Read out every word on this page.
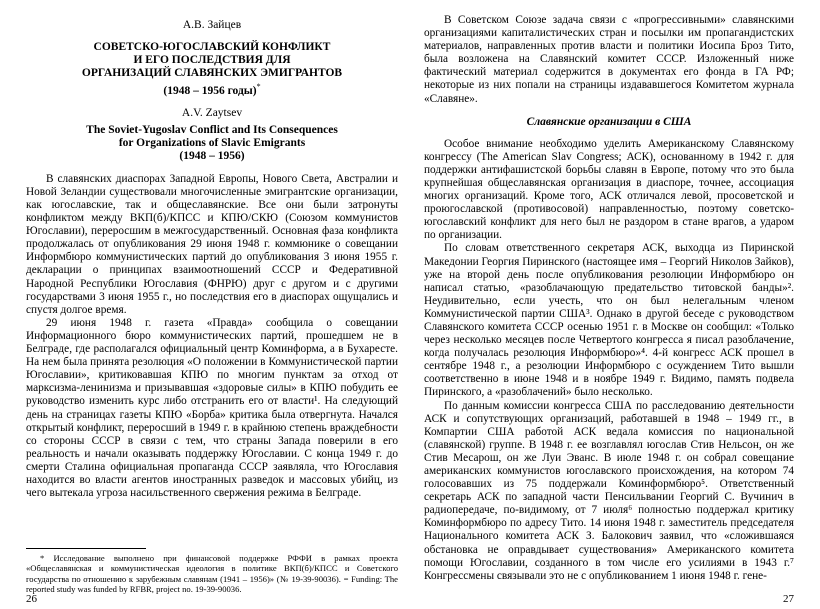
А.В. Зайцев
СОВЕТСКО-ЮГОСЛАВСКИЙ КОНФЛИКТ
И ЕГО ПОСЛЕДСТВИЯ ДЛЯ
ОРГАНИЗАЦИЙ СЛАВЯНСКИХ ЭМИГРАНТОВ
(1948 – 1956 годы)*
A.V. Zaytsev
The Soviet-Yugoslav Conflict and Its Consequences
for Organizations of Slavic Emigrants
(1948 – 1956)

В славянских диаспорах Западной Европы, Нового Света, Австралии и Новой Зеландии существовали многочисленные эмигрантские организации, как югославские, так и общеславянские. Все они были затронуты конфликтом между ВКП(б)/КПСС и КПЮ/СКЮ (Союзом коммунистов Югославии), переросшим в межгосударственный. Основная фаза конфликта продолжалась от опубликования 29 июня 1948 г. коммюнике о совещании Информбюро коммунистических партий до опубликования 3 июня 1955 г. декларации о принципах взаимоотношений СССР и Федеративной Народной Республики Югославия (ФНРЮ) друг с другом и с другими государствами 3 июня 1955 г., но последствия его в диаспорах ощущались и спустя долгое время.

29 июня 1948 г. газета «Правда» сообщила о совещании Информационного бюро коммунистических партий, прошедшем не в Белграде, где располагался официальный центр Коминформа, а в Бухаресте. На нем была принята резолюция «О положении в Коммунистической партии Югославии», критиковавшая КПЮ по многим пунктам за отход от марксизма-ленинизма и призывавшая «здоровые силы» в КПЮ побудить ее руководство изменить курс либо отстранить его от власти¹. На следующий день на страницах газеты КПЮ «Борба» критика была отвергнута. Начался открытый конфликт, переросший в 1949 г. в крайнюю степень враждебности со стороны СССР в связи с тем, что страны Запада поверили в его реальность и начали оказывать поддержку Югославии. С конца 1949 г. до смерти Сталина официальная пропаганда СССР заявляла, что Югославия находится во власти агентов иностранных разведок и массовых убийц, из чего вытекала угроза насильственного свержения режима в Белграде.

* Исследование выполнено при финансовой поддержке РФФИ в рамках проекта «Общеславянская и коммунистическая идеология в политике ВКП(б)/КПСС и Советского государства по отношению к зарубежным славянам (1941 – 1956)» (№ 19-39-90036). = Funding: The reported study was funded by RFBR, project no. 19-39-90036.

26

В Советском Союзе задача связи с «прогрессивными» славянскими организациями капиталистических стран и посылки им пропагандистских материалов, направленных против власти и политики Иосипа Броз Тито, была возложена на Славянский комитет СССР. Изложенный ниже фактический материал содержится в документах его фонда в ГА РФ; некоторые из них попали на страницы издававшегося Комитетом журнала «Славяне».

Славянские организации в США

Особое внимание необходимо уделить Американскому Славянскому конгрессу (The American Slav Congress; АСК), основанному в 1942 г. для поддержки антифашистской борьбы славян в Европе, потому что это была крупнейшая общеславянская организация в диаспоре, точнее, ассоциация многих организаций. Кроме того, АСК отличался левой, просоветской и проюгославской (противосовой) направленностью, поэтому советско-югославский конфликт для него был не раздором в стане врагов, а ударом по организации.

По словам ответственного секретаря АСК, выходца из Пиринской Македонии Георгия Пиринского (настоящее имя – Георгий Николов Зайков), уже на второй день после опубликования резолюции Информбюро он написал статью, «разоблачающую предательство титовской банды»². Неудивительно, если учесть, что он был нелегальным членом Коммунистической партии США³. Однако в другой беседе с руководством Славянского комитета СССР осенью 1951 г. в Москве он сообщил: «Только через несколько месяцев после Четвертого конгресса я писал разоблачение, когда получалась резолюция Информбюро»⁴. 4-й конгресс АСК прошел в сентябре 1948 г., а резолюции Информбюро с осуждением Тито вышли соответственно в июне 1948 и в ноябре 1949 г. Видимо, память подвела Пиринского, а «разоблачений» было несколько.

По данным комиссии конгресса США по расследованию деятельности АСК и сопутствующих организаций, работавшей в 1948 – 1949 гг., в Компартии США работой АСК ведала комиссия по национальной (славянской) группе. В 1948 г. ее возглавлял югослав Стив Нельсон, он же Стив Месарош, он же Луи Эванс. В июле 1948 г. он собрал совещание американских коммунистов югославского происхождения, на котором 74 голосовавших из 75 поддержали Коминформбюро⁵. Ответственный секретарь АСК по западной части Пенсильвании Георгий С. Вучинич в радиопередаче, по-видимому, от 7 июля⁶ полностью поддержал критику Коминформбюро по адресу Тито. 14 июня 1948 г. заместитель председателя Национального комитета АСК З. Балокович заявил, что «сложившаяся обстановка не оправдывает существования» Американского комитета помощи Югославии, созданного в том числе его усилиями в 1943 г.⁷ Конгрессмены связывали это не с опубликованием 1 июня 1948 г. гене-

27
